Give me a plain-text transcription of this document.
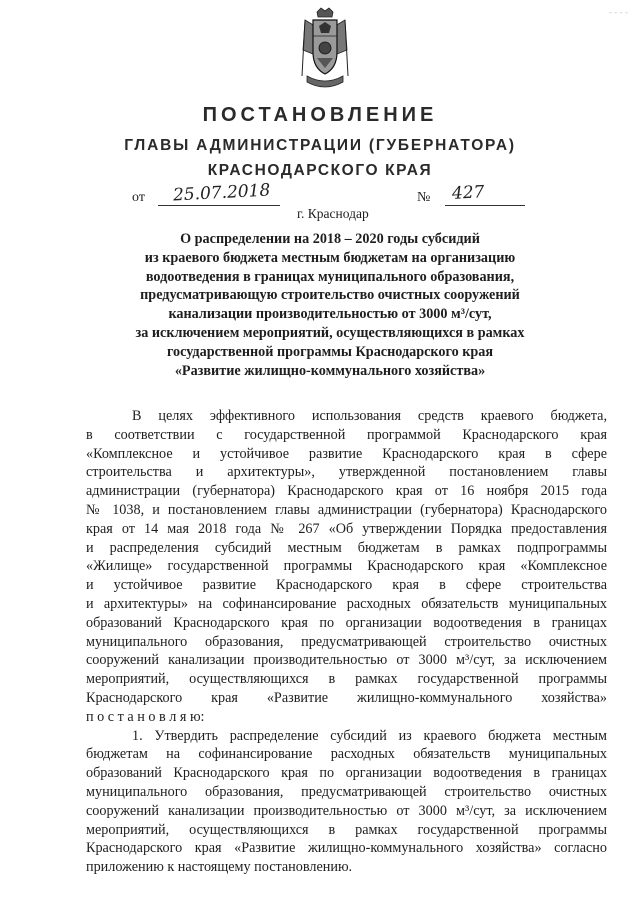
- - - -
ПОСТАНОВЛЕНИЕ
ГЛАВЫ АДМИНИСТРАЦИИ (ГУБЕРНАТОРА)
КРАСНОДАРСКОГО КРАЯ
от 25.07.2018	№ 427
г. Краснодар
О распределении на 2018 – 2020 годы субсидий
из краевого бюджета местным бюджетам на организацию
водоотведения в границах муниципального образования,
предусматривающую строительство очистных сооружений
канализации производительностью от 3000 м³/сут,
за исключением мероприятий, осуществляющихся в рамках
государственной программы Краснодарского края
«Развитие жилищно-коммунального хозяйства»
В целях эффективного использования средств краевого бюджета,
в соответствии с государственной программой Краснодарского края
«Комплексное и устойчивое развитие Краснодарского края в сфере
строительства и архитектуры», утвержденной постановлением главы
администрации (губернатора) Краснодарского края от 16 ноября 2015 года
№ 1038, и постановлением главы администрации (губернатора) Краснодарского
края от 14 мая 2018 года № 267 «Об утверждении Порядка предоставления
и распределения субсидий местным бюджетам в рамках подпрограммы
«Жилище» государственной программы Краснодарского края «Комплексное
и устойчивое развитие Краснодарского края в сфере строительства
и архитектуры» на софинансирование расходных обязательств муниципальных
образований Краснодарского края по организации водоотведения в границах
муниципального образования, предусматривающей строительство очистных
сооружений канализации производительностью от 3000 м³/сут, за исключением
мероприятий, осуществляющихся в рамках государственной программы
Краснодарского края «Развитие жилищно-коммунального хозяйства»
п о с т а н о в л я ю:
1. Утвердить распределение субсидий из краевого бюджета местным
бюджетам на софинансирование расходных обязательств муниципальных
образований Краснодарского края по организации водоотведения в границах
муниципального образования, предусматривающей строительство очистных
сооружений канализации производительностью от 3000 м³/сут, за исключением
мероприятий, осуществляющихся в рамках государственной программы
Краснодарского края «Развитие жилищно-коммунального хозяйства» согласно
приложению к настоящему постановлению.
